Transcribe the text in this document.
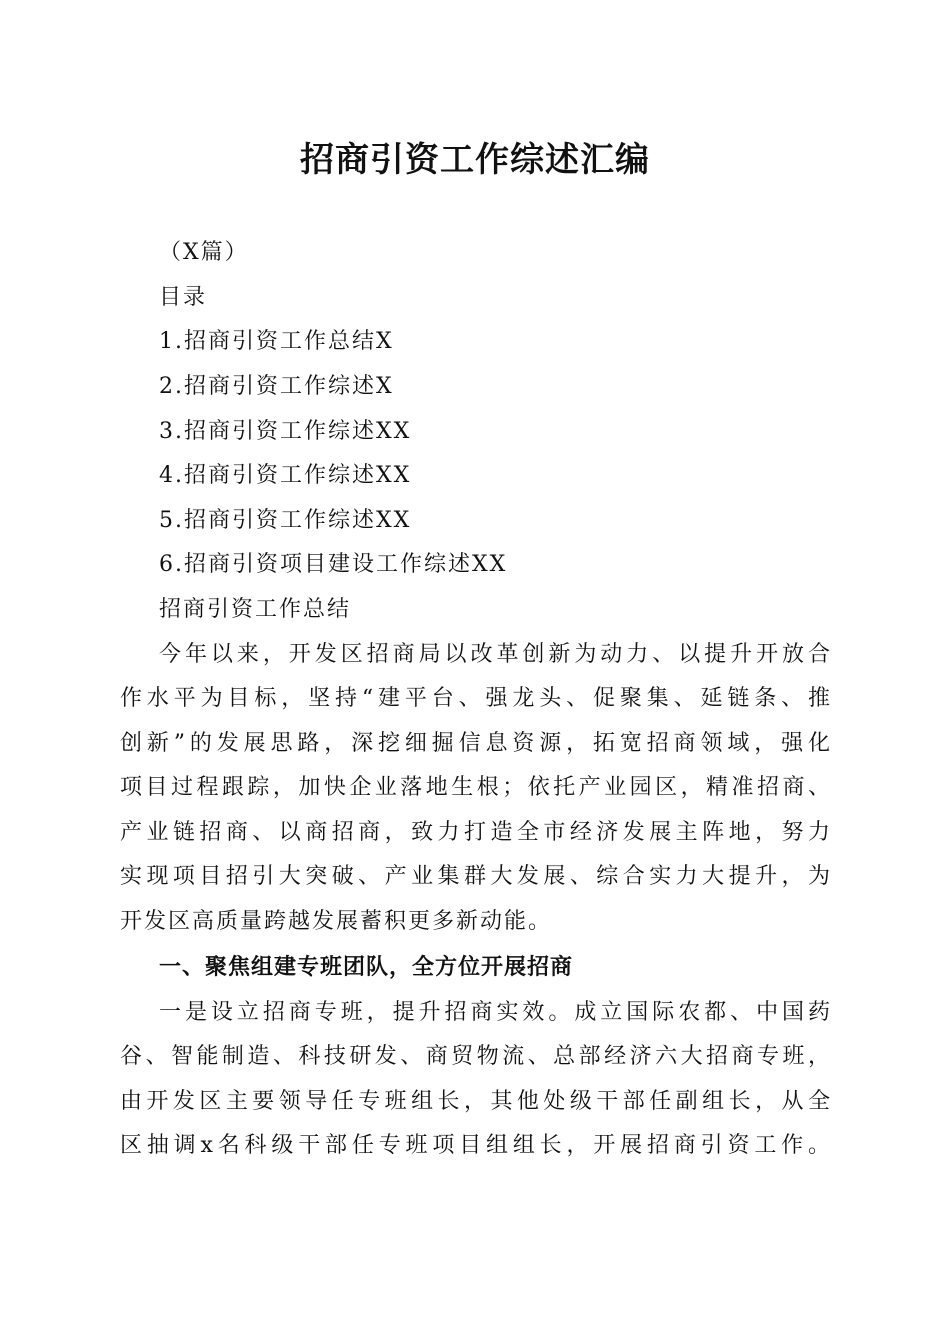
招商引资工作综述汇编
（X篇）
目录
1.招商引资工作总结X
2.招商引资工作综述X
3.招商引资工作综述XX
4.招商引资工作综述XX
5.招商引资工作综述XX
6.招商引资项目建设工作综述XX
招商引资工作总结
今年以来，开发区招商局以改革创新为动力、以提升开放合
作水平为目标，坚持“建平台、强龙头、促聚集、延链条、推
创新”的发展思路，深挖细掘信息资源，拓宽招商领域，强化
项目过程跟踪，加快企业落地生根；依托产业园区，精准招商、
产业链招商、以商招商，致力打造全市经济发展主阵地，努力
实现项目招引大突破、产业集群大发展、综合实力大提升，为
开发区高质量跨越发展蓄积更多新动能。
一、聚焦组建专班团队，全方位开展招商
一是设立招商专班，提升招商实效。成立国际农都、中国药
谷、智能制造、科技研发、商贸物流、总部经济六大招商专班，
由开发区主要领导任专班组长，其他处级干部任副组长，从全
区抽调x名科级干部任专班项目组组长，开展招商引资工作。
